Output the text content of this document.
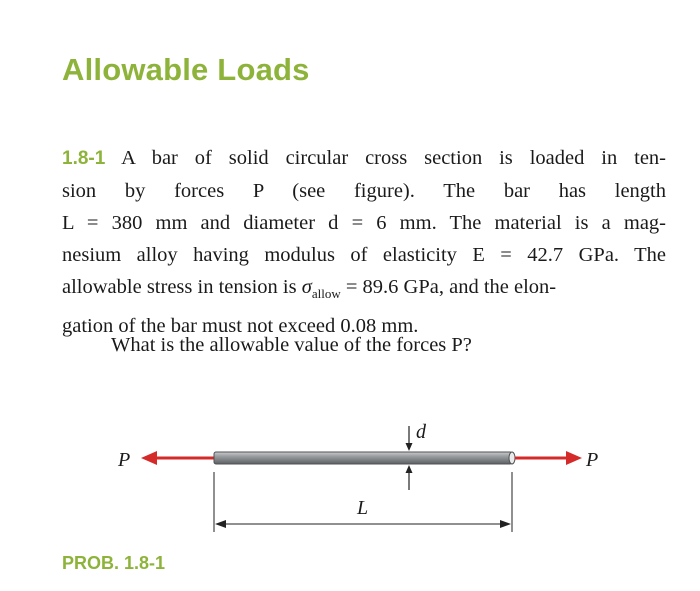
Allowable Loads
1.8-1 A bar of solid circular cross section is loaded in ten-
sion by forces P (see figure). The bar has length
L = 380 mm and diameter d = 6 mm. The material is a mag-
nesium alloy having modulus of elasticity E = 42.7 GPa. The
allowable stress in tension is $\sigma_{allow} = 89.6$ GPa, and the elon-
gation of the bar must not exceed 0.08 mm.
What is the allowable value of the forces P?
P	P
d
L
PROB. 1.8-1
